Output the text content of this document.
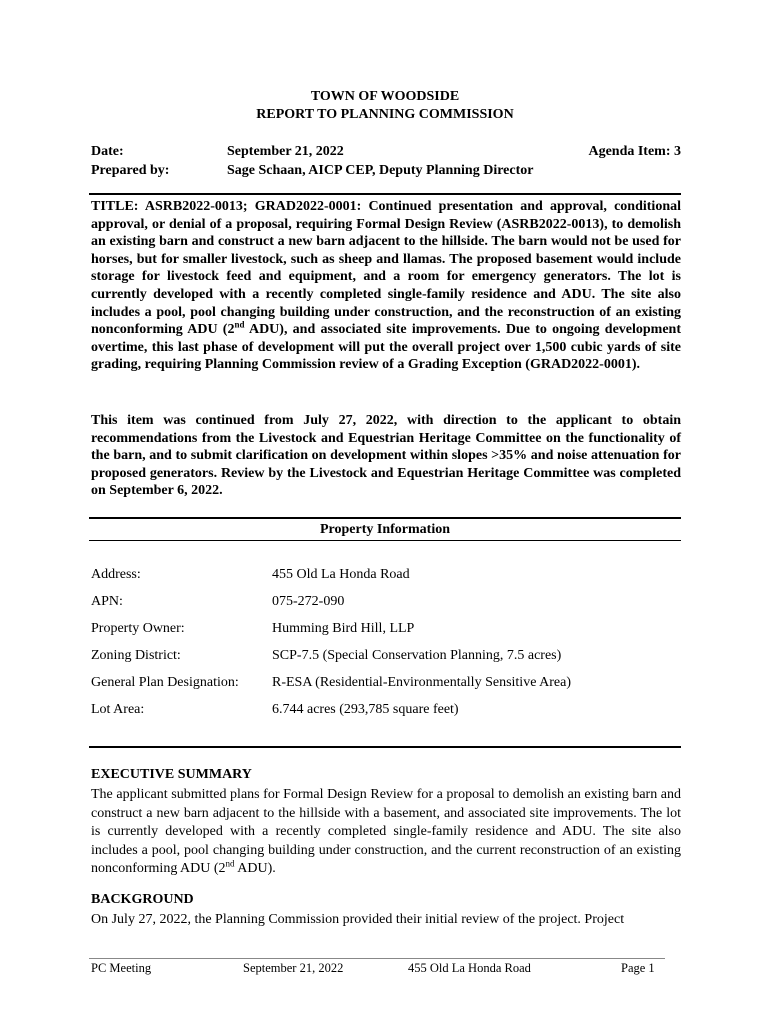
TOWN OF WOODSIDE
REPORT TO PLANNING COMMISSION
Date:	September 21, 2022	Agenda Item: 3
Prepared by:	Sage Schaan, AICP CEP, Deputy Planning Director
TITLE: ASRB2022-0013; GRAD2022-0001: Continued presentation and approval, conditional approval, or denial of a proposal, requiring Formal Design Review (ASRB2022-0013), to demolish an existing barn and construct a new barn adjacent to the hillside. The barn would not be used for horses, but for smaller livestock, such as sheep and llamas. The proposed basement would include storage for livestock feed and equipment, and a room for emergency generators. The lot is currently developed with a recently completed single-family residence and ADU. The site also includes a pool, pool changing building under construction, and the reconstruction of an existing nonconforming ADU (2nd ADU), and associated site improvements. Due to ongoing development overtime, this last phase of development will put the overall project over 1,500 cubic yards of site grading, requiring Planning Commission review of a Grading Exception (GRAD2022-0001).
This item was continued from July 27, 2022, with direction to the applicant to obtain recommendations from the Livestock and Equestrian Heritage Committee on the functionality of the barn, and to submit clarification on development within slopes >35% and noise attenuation for proposed generators. Review by the Livestock and Equestrian Heritage Committee was completed on September 6, 2022.
Property Information
Address:	455 Old La Honda Road
APN:	075-272-090
Property Owner:	Humming Bird Hill, LLP
Zoning District:	SCP-7.5 (Special Conservation Planning, 7.5 acres)
General Plan Designation: R-ESA (Residential-Environmentally Sensitive Area)
Lot Area:	6.744 acres (293,785 square feet)
EXECUTIVE SUMMARY
The applicant submitted plans for Formal Design Review for a proposal to demolish an existing barn and construct a new barn adjacent to the hillside with a basement, and associated site improvements. The lot is currently developed with a recently completed single-family residence and ADU. The site also includes a pool, pool changing building under construction, and the current reconstruction of an existing nonconforming ADU (2nd ADU).
BACKGROUND
On July 27, 2022, the Planning Commission provided their initial review of the project. Project
PC Meeting	September 21, 2022	455 Old La Honda Road	Page 1
